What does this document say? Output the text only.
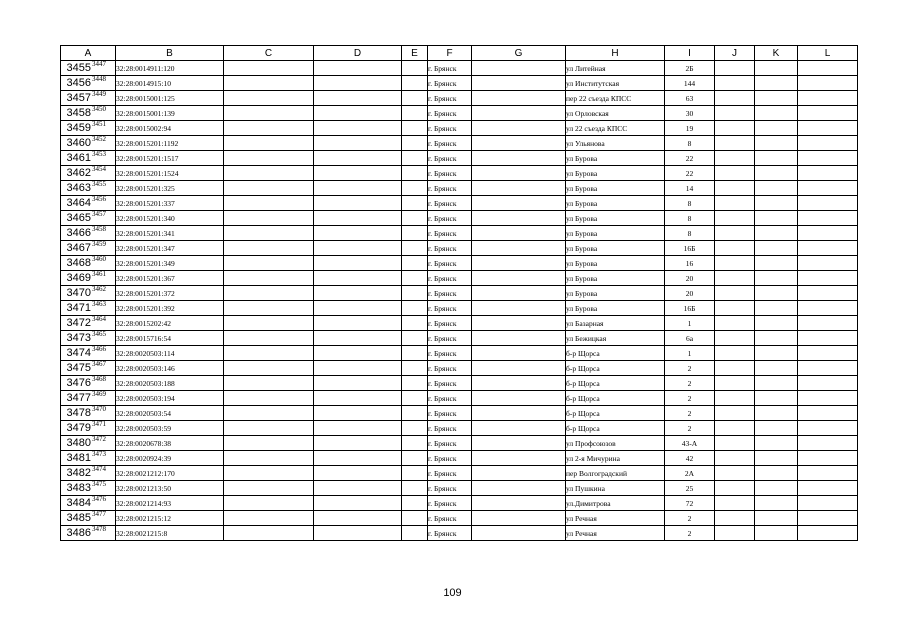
A	B	C	D	E	F	G	H	I	J	K	L
3455 3447	32:28:0014911:120				г. Брянск		ул Литейная	2Б			
3456 3448	32:28:0014915:10				г. Брянск		ул Институтская	144			
3457 3449	32:28:0015001:125				г. Брянск		пер 22 съезда КПСС	63			
3458 3450	32:28:0015001:139				г. Брянск		ул Орловская	30			
3459 3451	32:28:0015002:94				г. Брянск		ул 22 съезда КПСС	19			
3460 3452	32:28:0015201:1192				г. Брянск		ул Ульянова	8			
3461 3453	32:28:0015201:1517				г. Брянск		ул Бурова	22			
3462 3454	32:28:0015201:1524				г. Брянск		ул Бурова	22			
3463 3455	32:28:0015201:325				г. Брянск		ул Бурова	14			
3464 3456	32:28:0015201:337				г. Брянск		ул Бурова	8			
3465 3457	32:28:0015201:340				г. Брянск		ул Бурова	8			
3466 3458	32:28:0015201:341				г. Брянск		ул Бурова	8			
3467 3459	32:28:0015201:347				г. Брянск		ул Бурова	16Б			
3468 3460	32:28:0015201:349				г. Брянск		ул Бурова	16			
3469 3461	32:28:0015201:367				г. Брянск		ул Бурова	20			
3470 3462	32:28:0015201:372				г. Брянск		ул Бурова	20			
3471 3463	32:28:0015201:392				г. Брянск		ул Бурова	16Б			
3472 3464	32:28:0015202:42				г. Брянск		ул Базарная	1			
3473 3465	32:28:0015716:54				г. Брянск		ул Бежицкая	6а			
3474 3466	32:28:0020503:114				г. Брянск		б-р Щорса	1			
3475 3467	32:28:0020503:146				г. Брянск		б-р Щорса	2			
3476 3468	32:28:0020503:188				г. Брянск		б-р Щорса	2			
3477 3469	32:28:0020503:194				г. Брянск		б-р Щорса	2			
3478 3470	32:28:0020503:54				г. Брянск		б-р Щорса	2			
3479 3471	32:28:0020503:59				г. Брянск		б-р Щорса	2			
3480 3472	32:28:0020678:38				г. Брянск		ул Профсоюзов	43-А			
3481 3473	32:28:0020924:39				г. Брянск		ул 2-я Мичурина	42			
3482 3474	32:28:0021212:170				г. Брянск		пер Волгоградский	2А			
3483 3475	32:28:0021213:50				г. Брянск		ул Пушкина	25			
3484 3476	32:28:0021214:93				г. Брянск		ул.Димитрова	72			
3485 3477	32:28:0021215:12				г. Брянск		ул Речная	2			
3486 3478	32:28:0021215:8				г. Брянск		ул Речная	2			
109
